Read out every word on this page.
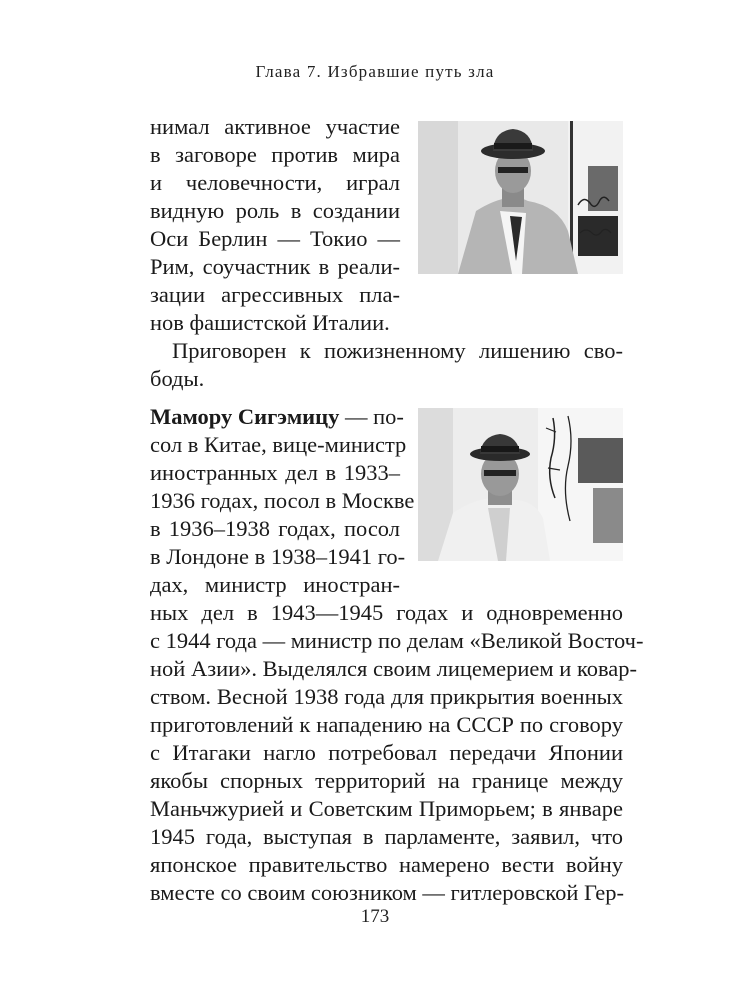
Глава 7. Избравшие путь зла
нимал активное участие
в заговоре против мира
и человечности, играл
видную роль в создании
Оси Берлин — Токио —
Рим, соучастник в реали-
зации агрессивных пла-
нов фашистской Италии.
Приговорен к пожизненному лишению сво-
боды.
Мамору Сигэмицу — по-
сол в Китае, вице-министр
иностранных дел в 1933–
1936 годах, посол в Москве
в 1936–1938 годах, посол
в Лондоне в 1938–1941 го-
дах, министр иностран-
ных дел в 1943—1945 годах и одновременно
с 1944 года — министр по делам «Великой Восточ-
ной Азии». Выделялся своим лицемерием и ковар-
ством. Весной 1938 года для прикрытия военных
приготовлений к нападению на СССР по сговору
с Итагаки нагло потребовал передачи Японии
якобы спорных территорий на границе между
Маньчжурией и Советским Приморьем; в январе
1945 года, выступая в парламенте, заявил, что
японское правительство намерено вести войну
вместе со своим союзником — гитлеровской Гер-
173
